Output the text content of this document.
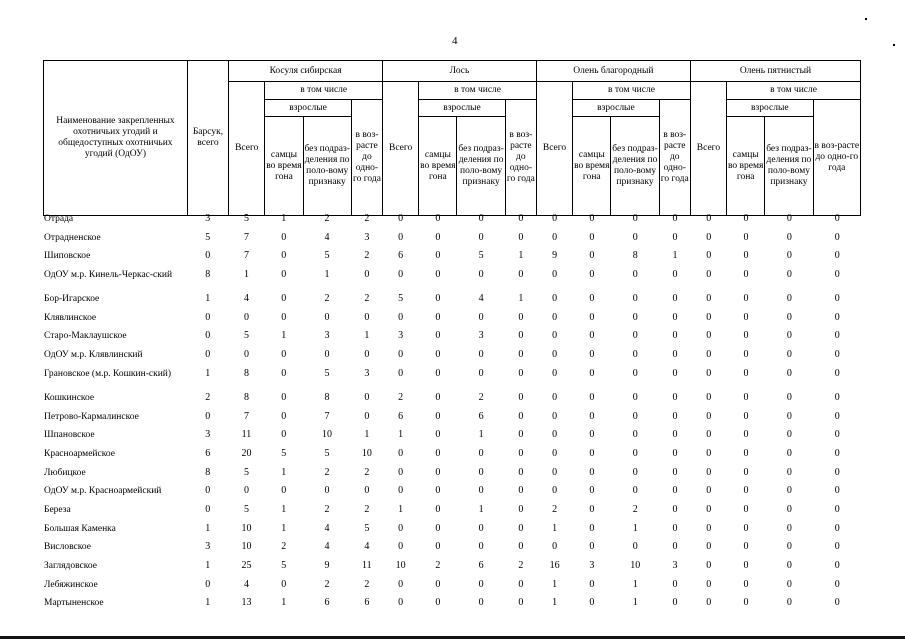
4
Наименование закрепленных охотничьих угодий и общедоступных охотничьих угодий (ОдОУ)	Барсук, всего	Косуля сибирская				Лось				Олень благородный				Олень пятнистый			
		Всего	в том числе			Всего	в том числе			Всего	в том числе			Всего	в том числе		
			взрослые		в воз-расте до одно-го года		взрослые		в воз-расте до одно-го года		взрослые		в воз-расте до одно-го года		взрослые		в воз-расте до одно-го года
			самцы во время гона	без подраз-деления по поло-вому признаку			самцы во время гона	без подраз-деления по поло-вому признаку			самцы во время гона	без подраз-деления по поло-вому признаку			самцы во время гона	без подраз-деления по поло-вому признаку	
Отрада	3	5	1	2	2	0	0	0	0	0	0	0	0	0	0	0	0
Отрадненское	5	7	0	4	3	0	0	0	0	0	0	0	0	0	0	0	0
Шиповское	0	7	0	5	2	6	0	5	1	9	0	8	1	0	0	0	0
ОдОУ м.р. Кинель-Черкас-ский	8	1	0	1	0	0	0	0	0	0	0	0	0	0	0	0	0
Бор-Игарское	1	4	0	2	2	5	0	4	1	0	0	0	0	0	0	0	0
Клявлинское	0	0	0	0	0	0	0	0	0	0	0	0	0	0	0	0	0
Старо-Маклаушское	0	5	1	3	1	3	0	3	0	0	0	0	0	0	0	0	0
ОдОУ м.р. Клявлинский	0	0	0	0	0	0	0	0	0	0	0	0	0	0	0	0	0
Грановское (м.р. Кошкин-ский)	1	8	0	5	3	0	0	0	0	0	0	0	0	0	0	0	0
Кошкинское	2	8	0	8	0	2	0	2	0	0	0	0	0	0	0	0	0
Петрово-Кармалинское	0	7	0	7	0	6	0	6	0	0	0	0	0	0	0	0	0
Шпановское	3	11	0	10	1	1	0	1	0	0	0	0	0	0	0	0	0
Красноармейское	6	20	5	5	10	0	0	0	0	0	0	0	0	0	0	0	0
Любицкое	8	5	1	2	2	0	0	0	0	0	0	0	0	0	0	0	0
ОдОУ м.р. Красноармейский	0	0	0	0	0	0	0	0	0	0	0	0	0	0	0	0	0
Береза	0	5	1	2	2	1	0	1	0	2	0	2	0	0	0	0	0
Большая Каменка	1	10	1	4	5	0	0	0	0	1	0	1	0	0	0	0	0
Висловское	3	10	2	4	4	0	0	0	0	0	0	0	0	0	0	0	0
Заглядовское	1	25	5	9	11	10	2	6	2	16	3	10	3	0	0	0	0
Лебяжинское	0	4	0	2	2	0	0	0	0	1	0	1	0	0	0	0	0
Мартыненское	1	13	1	6	6	0	0	0	0	1	0	1	0	0	0	0	0
